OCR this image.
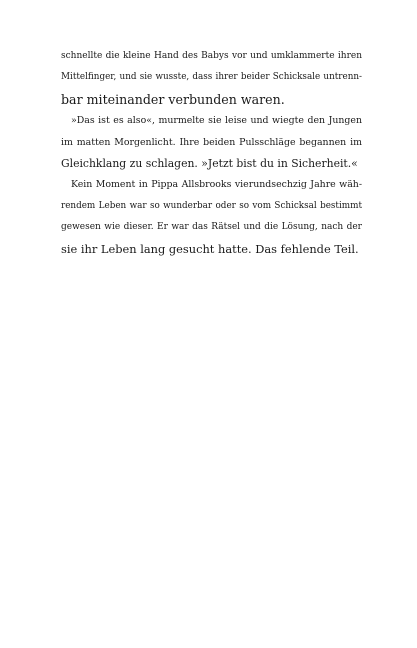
schnellte die kleine Hand des Babys vor und umklammerte ihren
Mittelfinger, und sie wusste, dass ihrer beider Schicksale untrenn-
bar miteinander verbunden waren.
»Das ist es also«, murmelte sie leise und wiegte den Jungen
im matten Morgenlicht. Ihre beiden Pulsschläge begannen im
Gleichklang zu schlagen. »Jetzt bist du in Sicherheit.«
Kein Moment in Pippa Allsbrooks vierundsechzig Jahre wäh-
rendem Leben war so wunderbar oder so vom Schicksal bestimmt
gewesen wie dieser. Er war das Rätsel und die Lösung, nach der
sie ihr Leben lang gesucht hatte. Das fehlende Teil.
